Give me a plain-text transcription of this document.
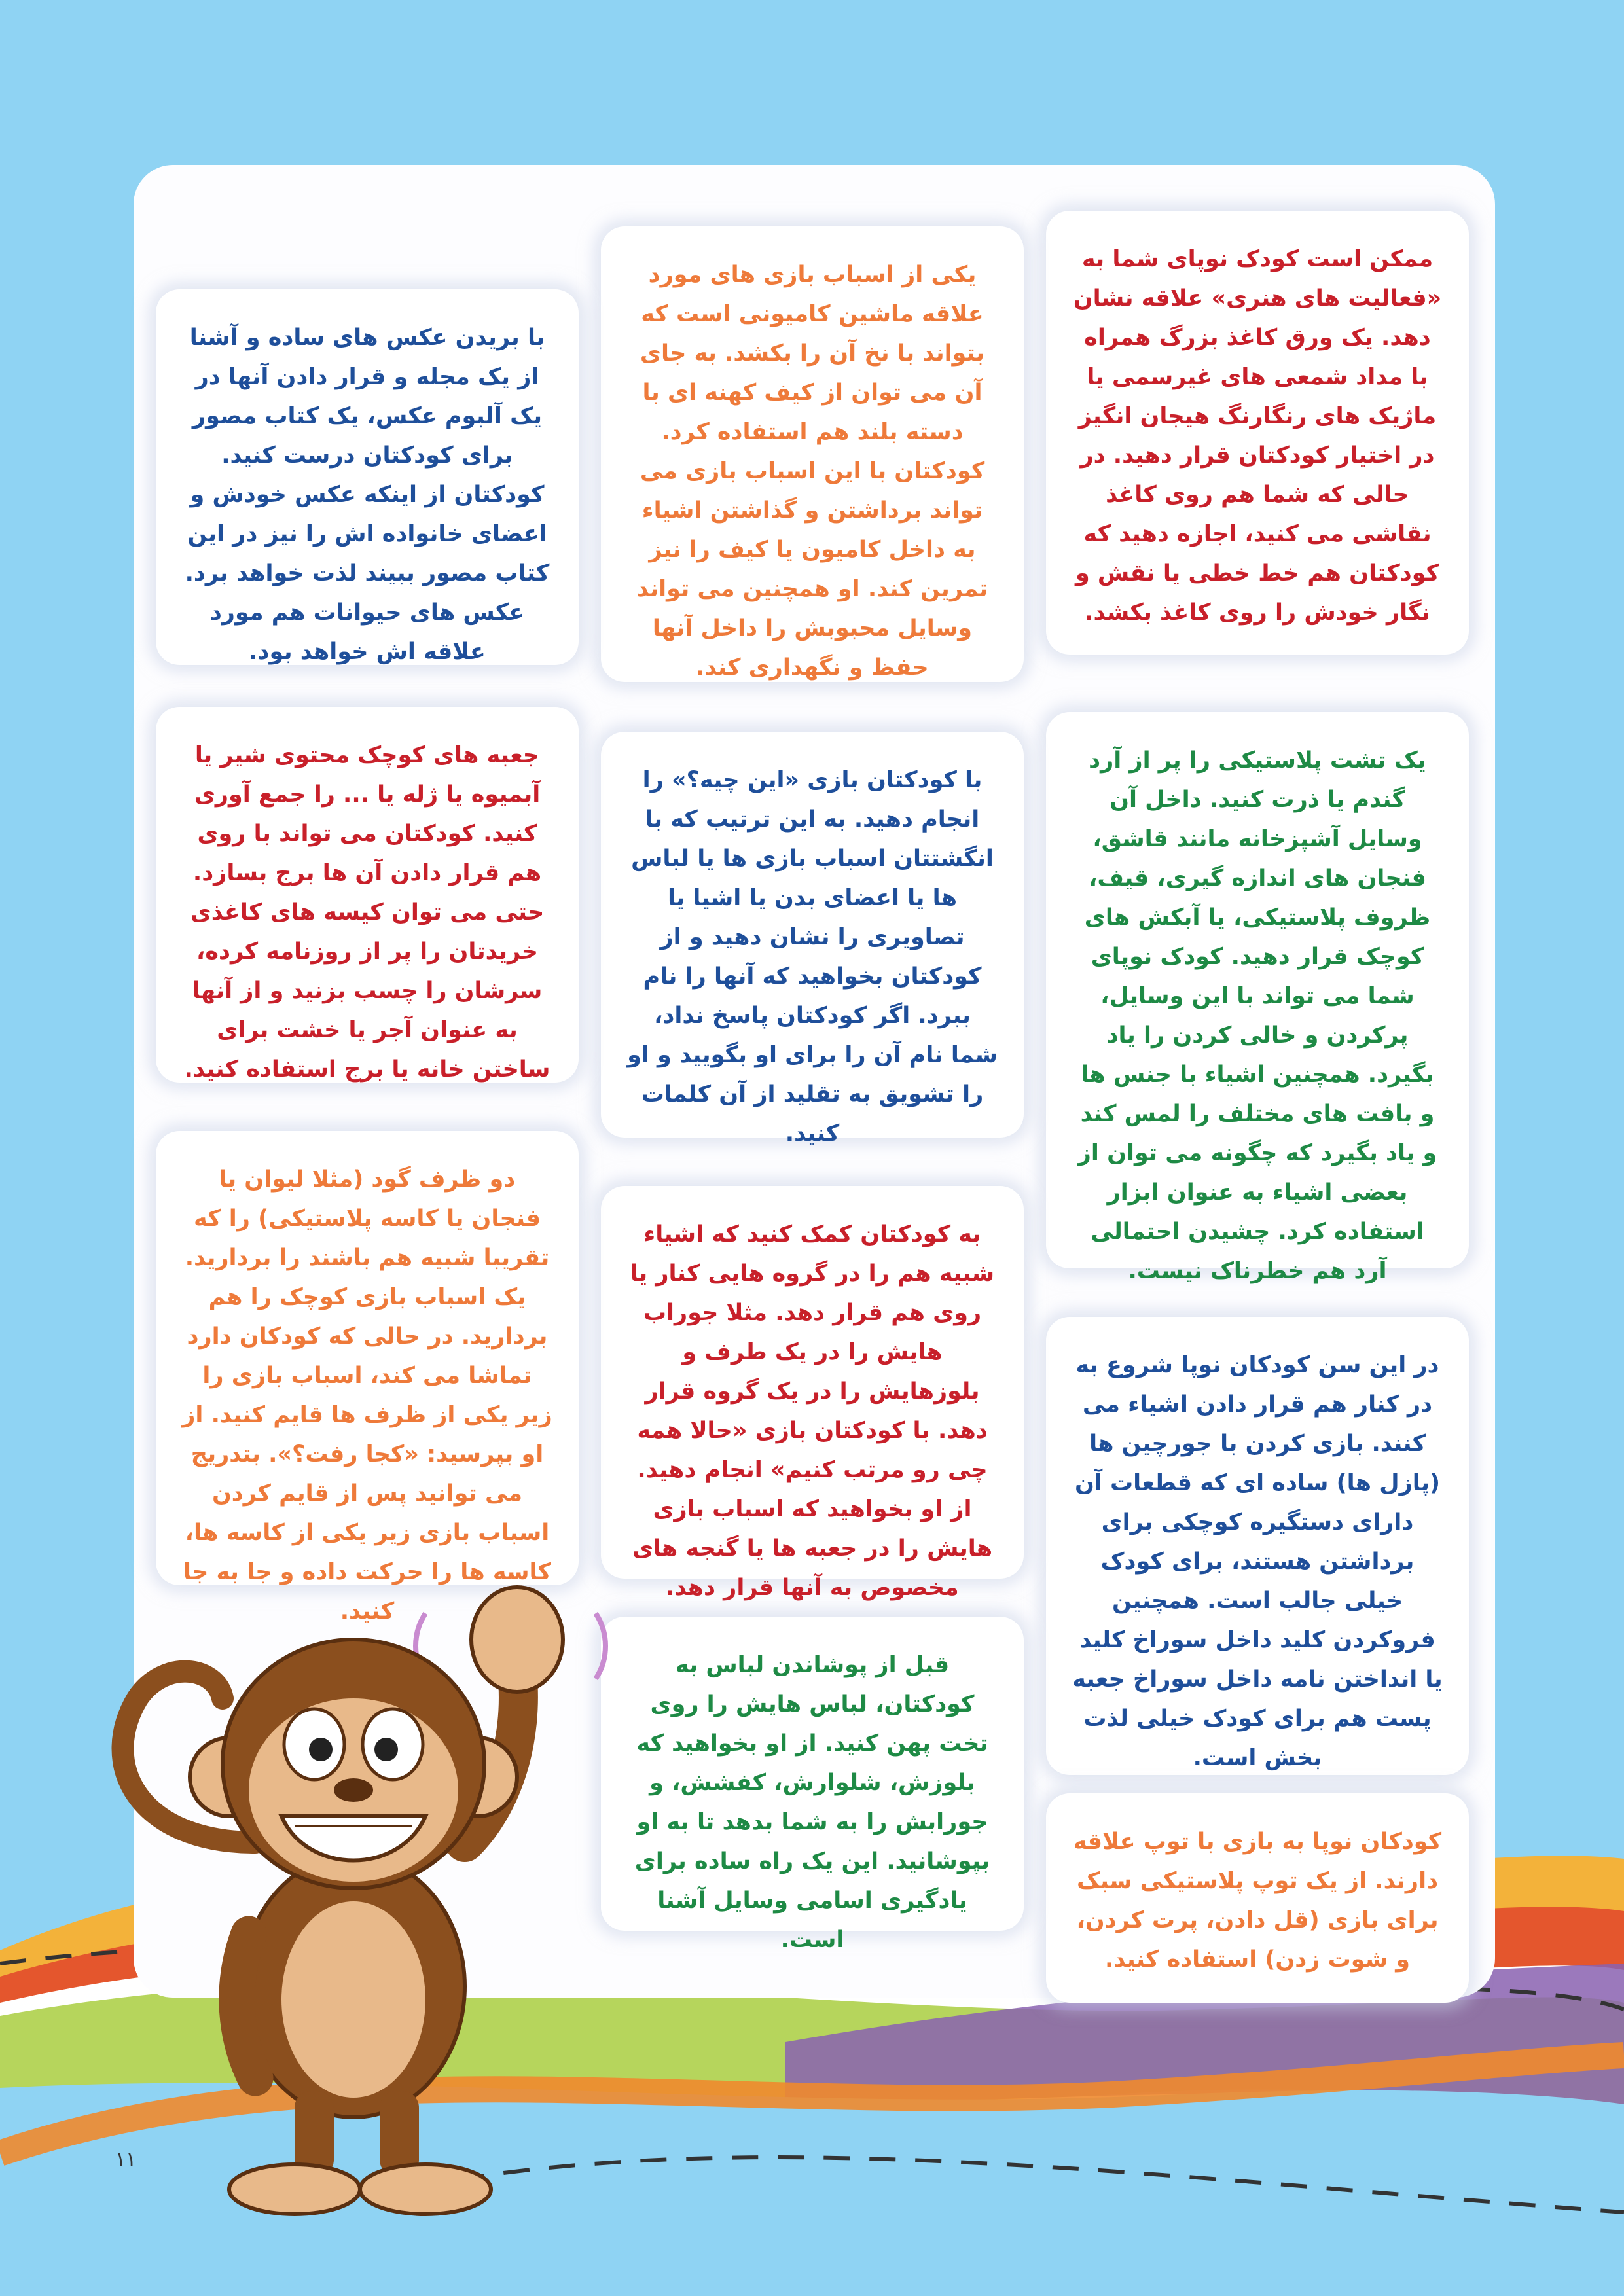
ممکن است کودک نوپای شما به «فعالیت های هنری» علاقه نشان دهد. یک ورق کاغذ بزرگ همراه با مداد شمعی های غیرسمی یا ماژیک های رنگارنگ هیجان انگیز در اختیار کودکتان قرار دهید. در حالی که شما هم روی کاغذ نقاشی می کنید، اجازه دهید که کودکتان هم خط خطی یا نقش و نگار خودش را روی کاغذ بکشد.
یک تشت پلاستیکی را پر از آرد گندم یا ذرت کنید. داخل آن وسایل آشپزخانه مانند قاشق، فنجان های اندازه گیری، قیف، ظروف پلاستیکی، یا آبکش های کوچک قرار دهید. کودک نوپای شما می تواند با این وسایل، پرکردن و خالی کردن را یاد بگیرد. همچنین اشیاء با جنس ها و بافت های مختلف را لمس کند و یاد بگیرد که چگونه می توان از بعضی اشیاء به عنوان ابزار استفاده کرد. چشیدن احتمالی آرد هم خطرناک نیست.
در این سن کودکان نوپا شروع به در کنار هم قرار دادن اشیاء می کنند. بازی کردن با جورچین ها (پازل ها) ساده ای که قطعات آن دارای دستگیره کوچکی برای برداشتن هستند، برای کودک خیلی جالب است. همچنین فروکردن کلید داخل سوراخ کلید یا انداختن نامه داخل سوراخ جعبه پست هم برای کودک خیلی لذت بخش است.
کودکان نوپا به بازی با توپ علاقه دارند. از یک توپ پلاستیکی سبک برای بازی (قل دادن، پرت کردن، و شوت زدن) استفاده کنید.
یکی از اسباب بازی های مورد علاقه ماشین کامیونی است که بتواند با نخ آن را بکشد. به جای آن می توان از کیف کهنه ای با دسته بلند هم استفاده کرد. کودکتان با این اسباب بازی می تواند برداشتن و گذاشتن اشیاء به داخل کامیون یا کیف را نیز تمرین کند. او همچنین می تواند وسایل محبوبش را داخل آنها حفظ و نگهداری کند.
با کودکتان بازی «این چیه؟» را انجام دهید. به این ترتیب که با انگشتتان اسباب بازی ها یا لباس ها یا اعضای بدن یا اشیا یا تصاویری را نشان دهید و از کودکتان بخواهید که آنها را نام ببرد. اگر کودکتان پاسخ نداد، شما نام آن را برای او بگویید و او را تشویق به تقلید از آن کلمات کنید.
به کودکتان کمک کنید که اشیاء شبیه هم را در گروه هایی کنار یا روی هم قرار دهد. مثلا جوراب هایش را در یک طرف و بلوزهایش را در یک گروه قرار دهد. با کودکتان بازی «حالا همه چی رو مرتب کنیم» انجام دهید. از او بخواهید که اسباب بازی هایش را در جعبه ها یا گنجه های مخصوص به آنها قرار دهد.
قبل از پوشاندن لباس به کودکتان، لباس هایش را روی تخت پهن کنید. از او بخواهید که بلوزش، شلوارش، کفشش، و جورابش را به شما بدهد تا به او بپوشانید. این یک راه ساده برای یادگیری اسامی وسایل آشنا است.
با بریدن عکس های ساده و آشنا از یک مجله و قرار دادن آنها در یک آلبوم عکس، یک کتاب مصور برای کودکتان درست کنید. کودکتان از اینکه عکس خودش و اعضای خانواده اش را نیز در این کتاب مصور ببیند لذت خواهد برد. عکس های حیوانات هم مورد علاقه اش خواهد بود.
جعبه های کوچک محتوی شیر یا آبمیوه یا ژله یا ... را جمع آوری کنید. کودکتان می تواند با روی هم قرار دادن آن ها برج بسازد. حتی می توان کیسه های کاغذی خریدتان را پر از روزنامه کرده، سرشان را چسب بزنید و از آنها به عنوان آجر یا خشت برای ساختن خانه یا برج استفاده کنید.
دو ظرف گود (مثلا لیوان یا فنجان یا کاسه پلاستیکی) را که تقریبا شبیه هم باشند را بردارید. یک اسباب بازی کوچک را هم بردارید. در حالی که کودکان دارد تماشا می کند، اسباب بازی را زیر یکی از ظرف ها قایم کنید. از او بپرسید: «کجا رفت؟». بتدریج می توانید پس از قایم کردن اسباب بازی زیر یکی از کاسه ها، کاسه ها را حرکت داده و جا به جا کنید.
۱۱
